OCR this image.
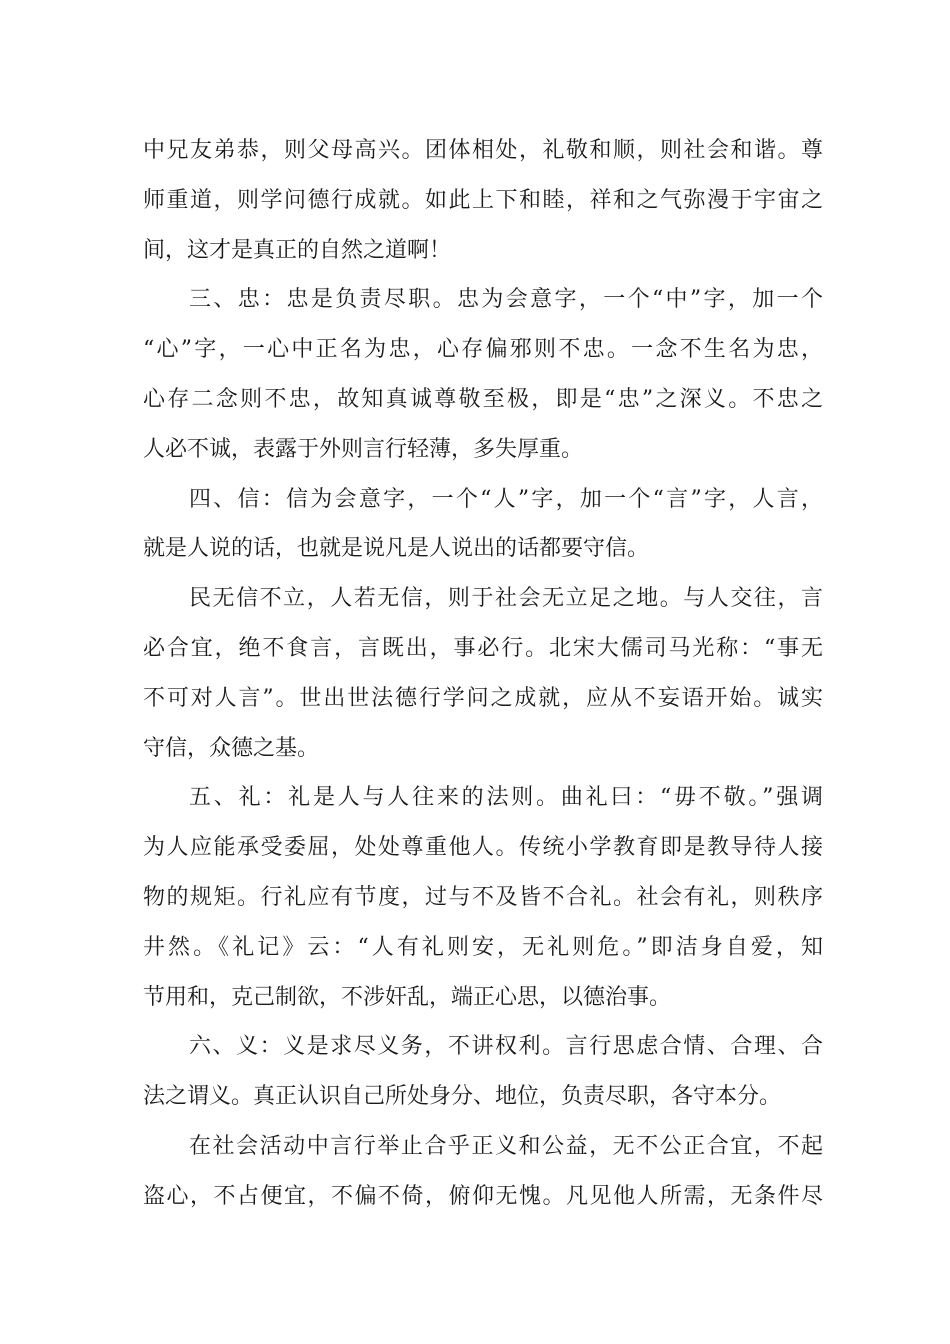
中兄友弟恭，则父母高兴。团体相处，礼敬和顺，则社会和谐。尊
师重道，则学问德行成就。如此上下和睦，祥和之气弥漫于宇宙之
间，这才是真正的自然之道啊！
三、忠：忠是负责尽职。忠为会意字，一个“中”字，加一个
“心”字，一心中正名为忠，心存偏邪则不忠。一念不生名为忠，
心存二念则不忠，故知真诚尊敬至极，即是“忠”之深义。不忠之
人必不诚，表露于外则言行轻薄，多失厚重。
四、信：信为会意字，一个“人”字，加一个“言”字，人言，
就是人说的话，也就是说凡是人说出的话都要守信。
民无信不立，人若无信，则于社会无立足之地。与人交往，言
必合宜，绝不食言，言既出，事必行。北宋大儒司马光称：“事无
不可对人言”。世出世法德行学问之成就，应从不妄语开始。诚实
守信，众德之基。
五、礼：礼是人与人往来的法则。曲礼曰：“毋不敬。”强调
为人应能承受委屈，处处尊重他人。传统小学教育即是教导待人接
物的规矩。行礼应有节度，过与不及皆不合礼。社会有礼，则秩序
井然。《礼记》云：“人有礼则安，无礼则危。”即洁身自爱，知
节用和，克己制欲，不涉奸乱，端正心思，以德治事。
六、义：义是求尽义务，不讲权利。言行思虑合情、合理、合
法之谓义。真正认识自己所处身分、地位，负责尽职，各守本分。
在社会活动中言行举止合乎正义和公益，无不公正合宜，不起
盗心，不占便宜，不偏不倚，俯仰无愧。凡见他人所需，无条件尽
